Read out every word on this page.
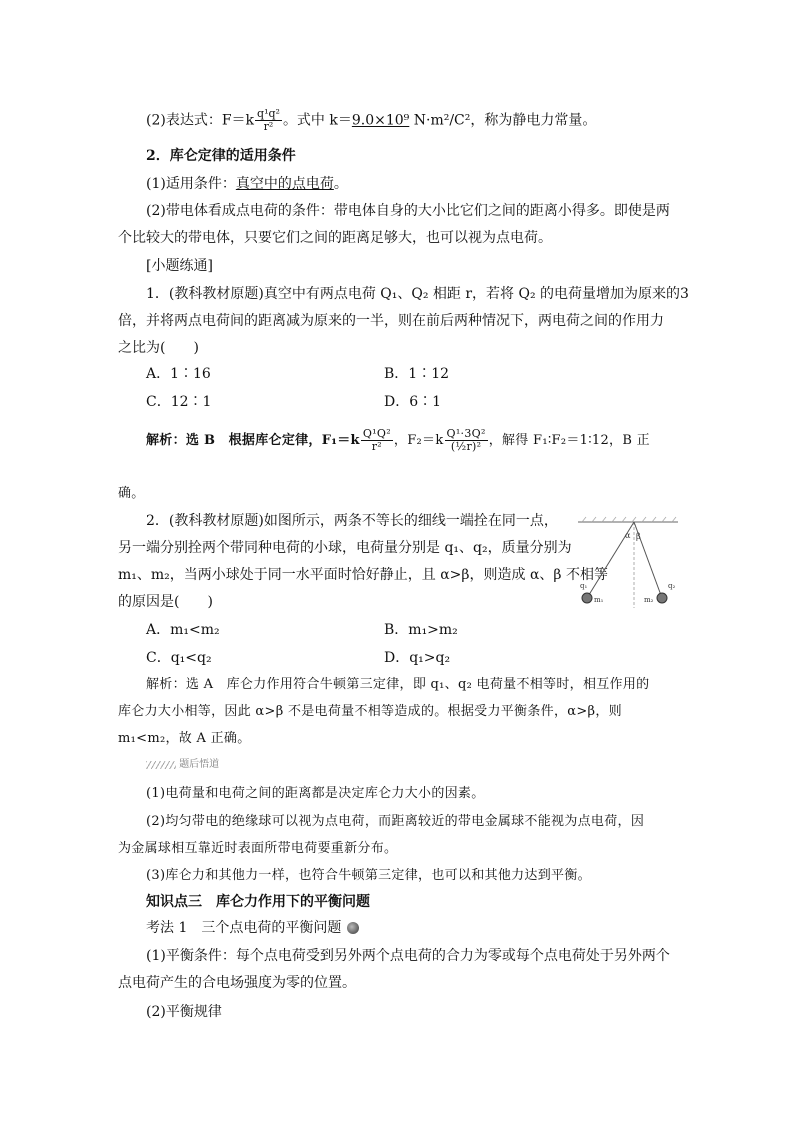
(2)表达式：$F=k \frac{\text{q¹q²}}{\text{r²}}$ 。式中 k＝9.0×10⁹ N·m²/C²，称为静电力常量。
2．库仑定律的适用条件
(1)适用条件：真空中的点电荷。
(2)带电体看成点电荷的条件：带电体自身的大小比它们之间的距离小得多。即使是两
个比较大的带电体，只要它们之间的距离足够大，也可以视为点电荷。
[小题练通]
1．(教科教材原题)真空中有两点电荷 Q₁、Q₂ 相距 r，若将 Q₂ 的电荷量增加为原来的3
倍，并将两点电荷间的距离减为原来的一半，则在前后两种情况下，两电荷之间的作用力
之比为(　　)
A．1∶16	B．1∶12
C．12∶1	D．6∶1
解析：选 B　根据库仑定律，$F_1=k \frac{\text{Q¹Q²}}{\text{r²}}$ ，$F_2=k \frac{\text{Q¹·3Q²}}{\text{(½r)²}}$ ，解得 F₁∶F₂＝1∶12，B 正
确。
2．(教科教材原题)如图所示，两条不等长的细线一端拴在同一点，
另一端分别拴两个带同种电荷的小球，电荷量分别是 q₁、q₂，质量分别为
m₁、m₂，当两小球处于同一水平面时恰好静止，且 α>β，则造成 α、β 不相等
的原因是(　　)
α β
q₁	q₂
m₁	m₂
A．m₁<m₂	B．m₁>m₂
C．q₁<q₂	D．q₁>q₂
解析：选 A　库仑力作用符合牛顿第三定律，即 q₁、q₂ 电荷量不相等时，相互作用的
库仑力大小相等，因此 α>β 不是电荷量不相等造成的。根据受力平衡条件，α>β，则
m₁<m₂，故 A 正确。
题后悟道
(1)电荷量和电荷之间的距离都是决定库仑力大小的因素。
(2)均匀带电的绝缘球可以视为点电荷，而距离较近的带电金属球不能视为点电荷，因
为金属球相互靠近时表面所带电荷要重新分布。
(3)库仑力和其他力一样，也符合牛顿第三定律，也可以和其他力达到平衡。
知识点三　库仑力作用下的平衡问题
考法 1　三个点电荷的平衡问题
(1)平衡条件：每个点电荷受到另外两个点电荷的合力为零或每个点电荷处于另外两个
点电荷产生的合电场强度为零的位置。
(2)平衡规律
